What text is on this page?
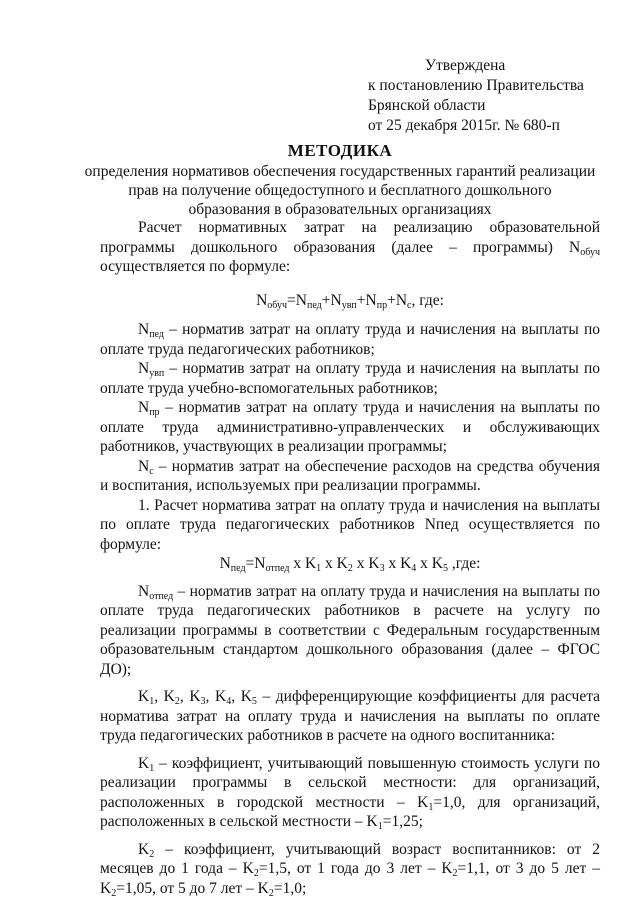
Утверждена
к постановлению Правительства
Брянской области
от 25 декабря 2015г. № 680-п
МЕТОДИКА
определения нормативов обеспечения государственных гарантий реализации
прав на получение общедоступного и бесплатного дошкольного
образования в образовательных организациях

Расчет нормативных затрат на реализацию образовательной программы дошкольного образования (далее – программы) $N_{обуч}$ осуществляется по формуле:

$N_{обуч}=N_{пед}+N_{увп}+N_{пр}+N_с$, где:

$N_{пед}$ – норматив затрат на оплату труда и начисления на выплаты по оплате труда педагогических работников;

$N_{увп}$ – норматив затрат на оплату труда и начисления на выплаты по оплате труда учебно-вспомогательных работников;

$N_{пр}$ – норматив затрат на оплату труда и начисления на выплаты по оплате труда административно-управленческих и обслуживающих работников, участвующих в реализации программы;

$N_с$ – норматив затрат на обеспечение расходов на средства обучения и воспитания, используемых при реализации программы.

1. Расчет норматива затрат на оплату труда и начисления на выплаты по оплате труда педагогических работников Nпед осуществляется по формуле:

$N_{пед}=N_{отпед}$ x $K_1$ x $K_2$ x $K_3$ x $K_4$ x $K_5$ ,где:

$N_{отпед}$ – норматив затрат на оплату труда и начисления на выплаты по оплате труда педагогических работников в расчете на услугу по реализации программы в соответствии с Федеральным государственным образовательным стандартом дошкольного образования (далее – ФГОС ДО);

$K_1$, $K_2$, $K_3$, $K_4$, $K_5$ – дифференцирующие коэффициенты для расчета норматива затрат на оплату труда и начисления на выплаты по оплате труда педагогических работников в расчете на одного воспитанника:

$K_1$ – коэффициент, учитывающий повышенную стоимость услуги по реализации программы в сельской местности: для организаций, расположенных в городской местности – $K_1=1,0$, для организаций, расположенных в сельской местности – $K_1=1,25$;

$K_2$ – коэффициент, учитывающий возраст воспитанников: от 2 месяцев до 1 года – $K_2=1,5$, от 1 года до 3 лет – $K_2=1,1$, от 3 до 5 лет – $K_2=1,05$, от 5 до 7 лет – $K_2=1,0$;
